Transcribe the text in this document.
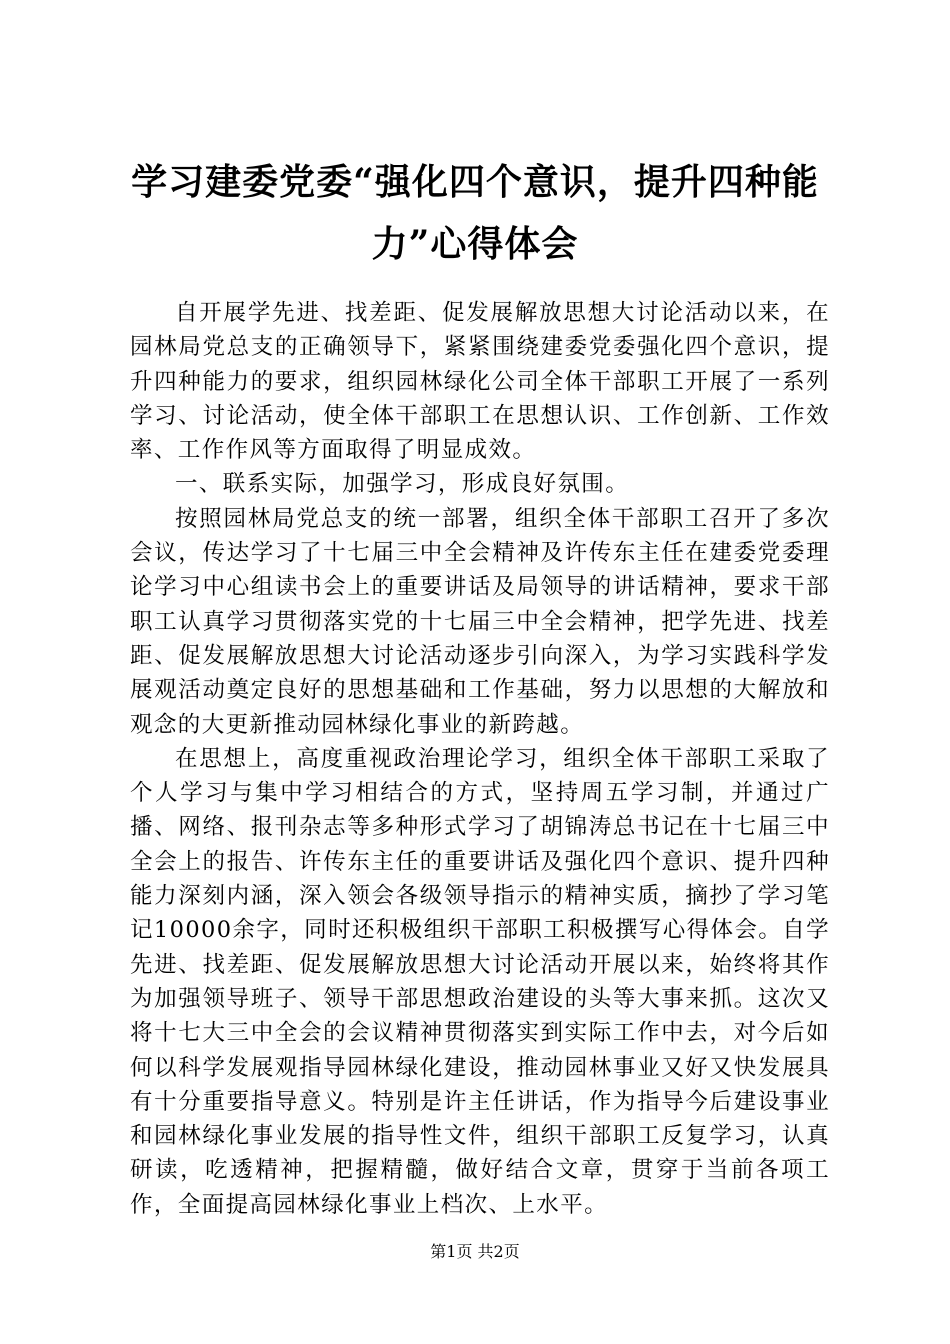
学习建委党委“强化四个意识，提升四种能
力”心得体会

自开展学先进、找差距、促发展解放思想大讨论活动以来，在园林局党总支的正确领导下，紧紧围绕建委党委强化四个意识，提升四种能力的要求，组织园林绿化公司全体干部职工开展了一系列学习、讨论活动，使全体干部职工在思想认识、工作创新、工作效率、工作作风等方面取得了明显成效。

一、联系实际，加强学习，形成良好氛围。

按照园林局党总支的统一部署，组织全体干部职工召开了多次会议，传达学习了十七届三中全会精神及许传东主任在建委党委理论学习中心组读书会上的重要讲话及局领导的讲话精神，要求干部职工认真学习贯彻落实党的十七届三中全会精神，把学先进、找差距、促发展解放思想大讨论活动逐步引向深入，为学习实践科学发展观活动奠定良好的思想基础和工作基础，努力以思想的大解放和观念的大更新推动园林绿化事业的新跨越。

在思想上，高度重视政治理论学习，组织全体干部职工采取了个人学习与集中学习相结合的方式，坚持周五学习制，并通过广播、网络、报刊杂志等多种形式学习了胡锦涛总书记在十七届三中全会上的报告、许传东主任的重要讲话及强化四个意识、提升四种能力深刻内涵，深入领会各级领导指示的精神实质，摘抄了学习笔记10000余字，同时还积极组织干部职工积极撰写心得体会。自学先进、找差距、促发展解放思想大讨论活动开展以来，始终将其作为加强领导班子、领导干部思想政治建设的头等大事来抓。这次又将十七大三中全会的会议精神贯彻落实到实际工作中去，对今后如何以科学发展观指导园林绿化建设，推动园林事业又好又快发展具有十分重要指导意义。特别是许主任讲话，作为指导今后建设事业和园林绿化事业发展的指导性文件，组织干部职工反复学习，认真研读，吃透精神，把握精髓，做好结合文章，贯穿于当前各项工作，全面提高园林绿化事业上档次、上水平。

第1页 共2页
